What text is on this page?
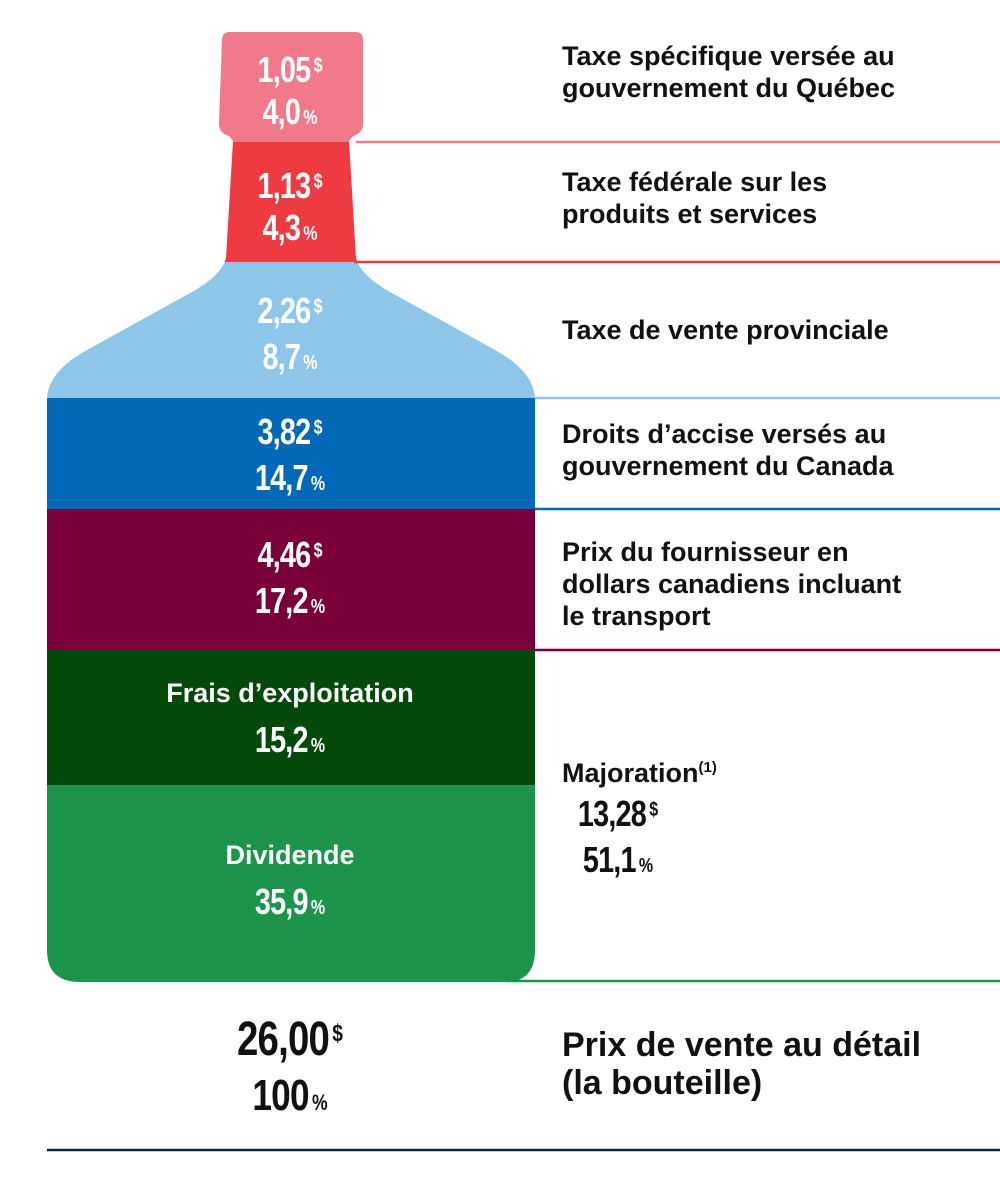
1,05 $
4,0 %
Taxe spécifique versée au
gouvernement du Québec
1,13 $
4,3 %
Taxe fédérale sur les
produits et services
2,26 $
8,7 %
Taxe de vente provinciale
3,82 $
14,7 %
Droits d’accise versés au
gouvernement du Canada
4,46 $
17,2 %
Prix du fournisseur en
dollars canadiens incluant
le transport
Frais d’exploitation
15,2 %
Dividende
35,9 %
Majoration$^{(1)}$
13,28 $
51,1 %
26,00 $
100 %
Prix de vente au détail
(la bouteille)
